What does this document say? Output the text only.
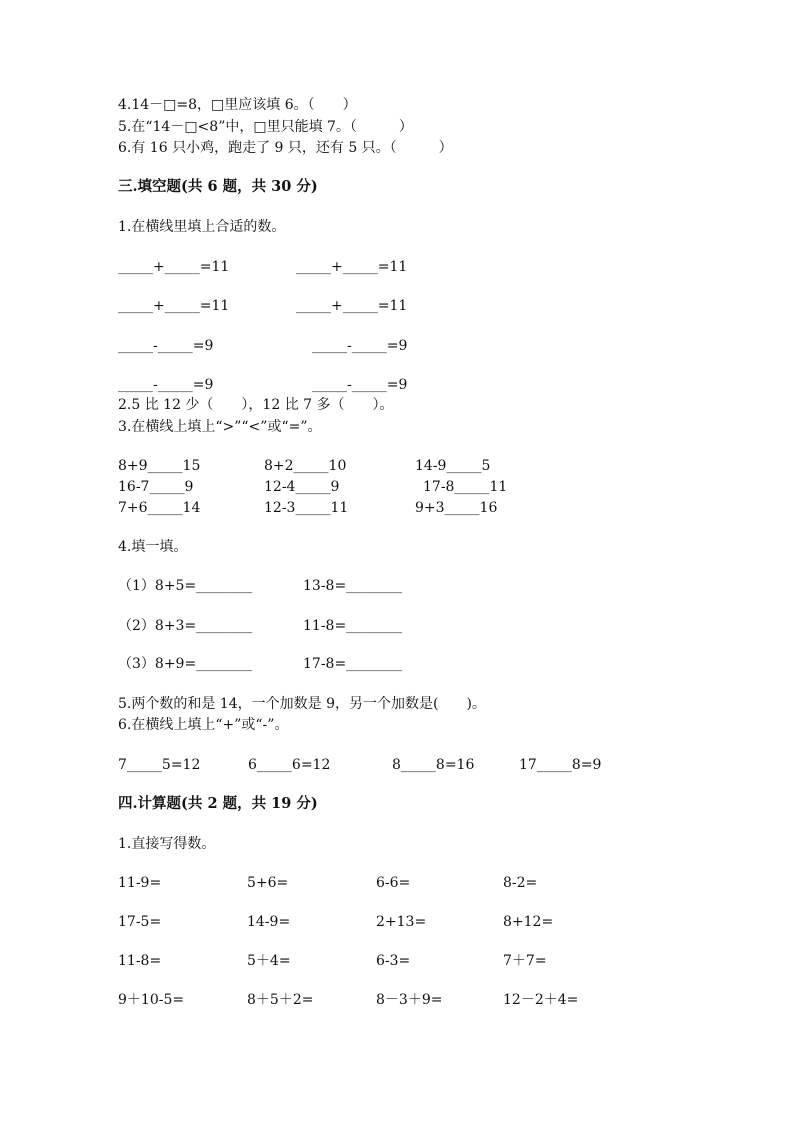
4.14－□=8，□里应该填 6。（　　）
5.在“14－□<8”中，□里只能填 7。（　　　）
6.有 16 只小鸡，跑走了 9 只，还有 5 只。（　　　）
三.填空题(共 6 题，共 30 分)
1.在横线里填上合适的数。
_____+_____=11	_____+_____=11
_____+_____=11	_____+_____=11
_____-_____=9	_____-_____=9
_____-_____=9	_____-_____=9
2.5 比 12 少（　　），12 比 7 多（　　）。
3.在横线上填上“>”“<”或“=”。
8+9_____15	8+2_____10	14-9_____5
16-7_____9	12-4_____9	17-8_____11
7+6_____14	12-3_____11	9+3_____16
4.填一填。
（1）8+5=________	13-8=________
（2）8+3=________	11-8=________
（3）8+9=________	17-8=________
5.两个数的和是 14，一个加数是 9，另一个加数是(　　)。
6.在横线上填上“+”或“-”。
7_____5=12	6_____6=12	8_____8=16	17_____8=9
四.计算题(共 2 题，共 19 分)
1.直接写得数。
11-9=	5+6=	6-6=	8-2=
17-5=	14-9=	2+13=	8+12=
11-8=	5＋4=	6-3=	7＋7=
9＋10-5=	8＋5＋2=	8－3＋9=	12－2＋4=
